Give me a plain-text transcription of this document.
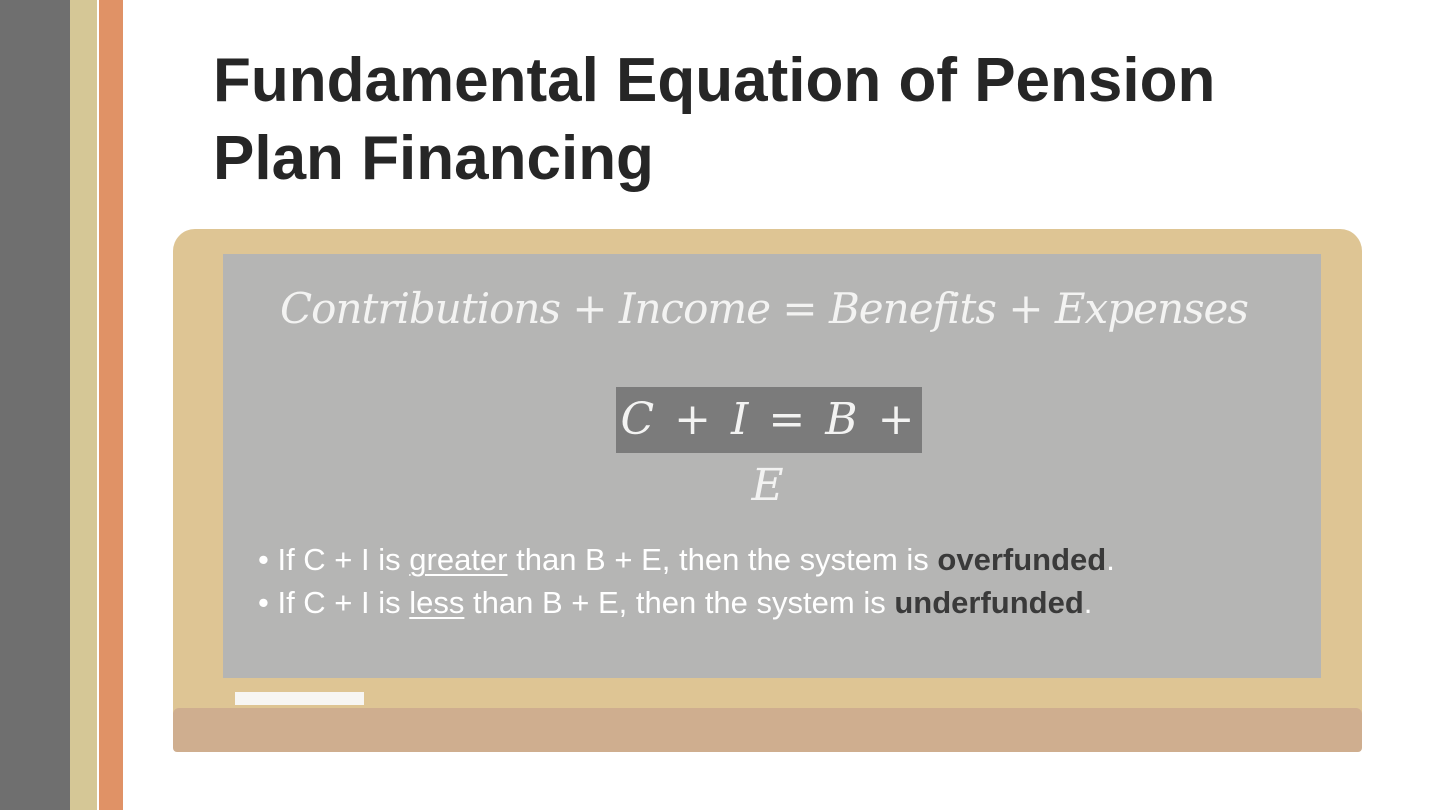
Fundamental Equation of Pension Plan Financing
Contributions + Income = Benefits + Expenses
C + I = B + E
• If C + I is greater than B + E, then the system is overfunded.
• If C + I is less than B + E, then the system is underfunded.
